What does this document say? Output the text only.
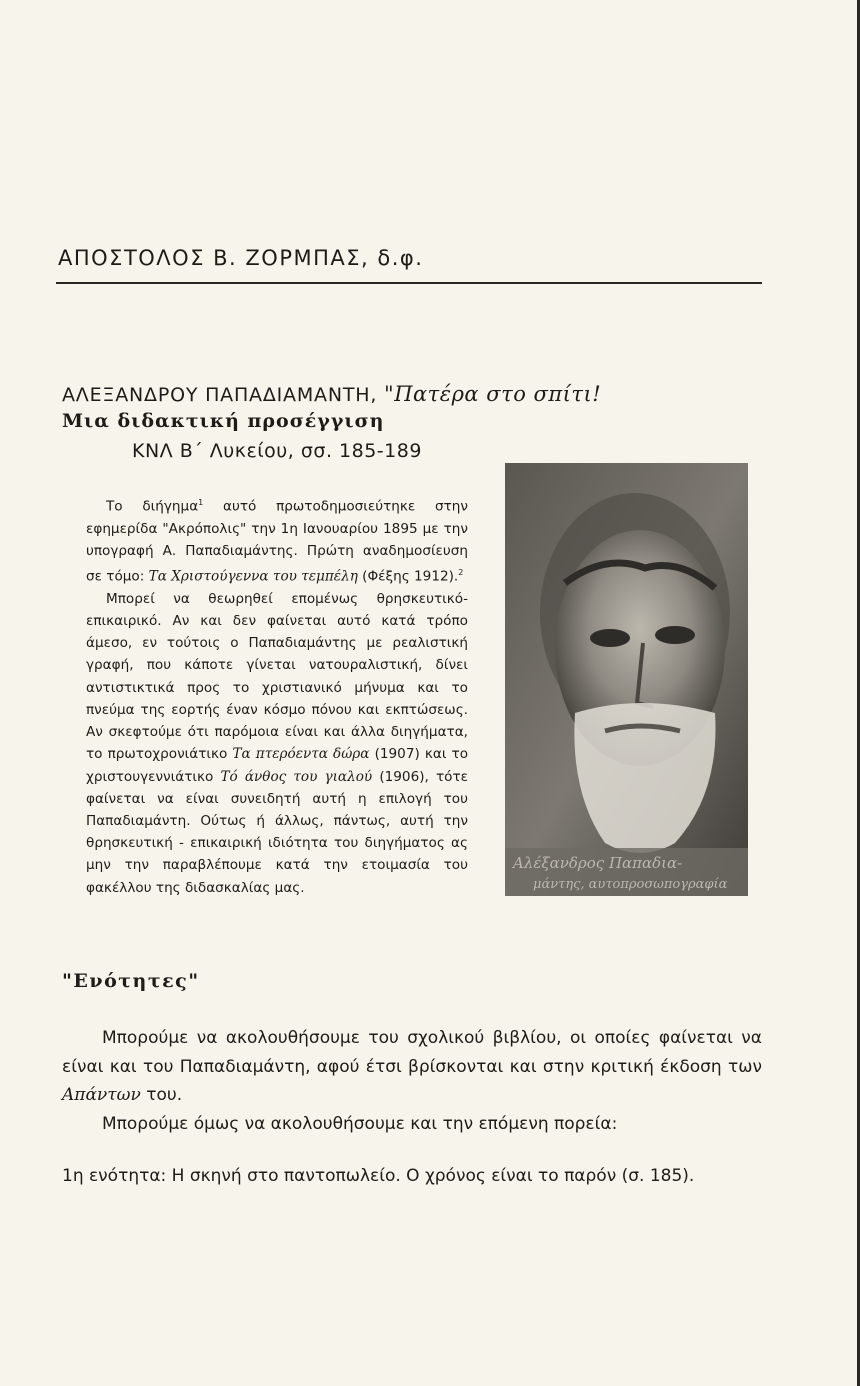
ΑΠΟΣΤΟΛΟΣ Β. ΖΟΡΜΠΑΣ, δ.φ.
ΑΛΕΞΑΝΔΡΟΥ ΠΑΠΑΔΙΑΜΑΝΤΗ, "Πατέρα στο σπίτι!
Μια διδακτική προσέγγιση
ΚΝΛ Β΄ Λυκείου, σσ. 185-189

Το διήγημα$^1$ αυτό πρωτοδημοσιεύτηκε στην εφημερίδα "Ακρόπολις" την 1η Ιανουαρίου 1895 με την υπογραφή Α. Παπαδιαμάντης. Πρώτη αναδημοσίευση σε τόμο: Τα Χριστούγεννα του τεμπέλη (Φέξης 1912).$^2$

Μπορεί να θεωρηθεί επομένως θρησκευτικό-επικαιρικό. Αν και δεν φαίνεται αυτό κατά τρόπο άμεσο, εν τούτοις ο Παπαδιαμάντης με ρεαλιστική γραφή, που κάποτε γίνεται νατουραλιστική, δίνει αντιστικτικά προς το χριστιανικό μήνυμα και το πνεύμα της εορτής έναν κόσμο πόνου και εκπτώσεως. Αν σκεφτούμε ότι παρόμοια είναι και άλλα διηγήματα, το πρωτοχρονιάτικο Τα πτερόεντα δώρα (1907) και το χριστουγεννιάτικο Τό άνθος του γιαλού (1906), τότε φαίνεται να είναι συνειδητή αυτή η επιλογή του Παπαδιαμάντη. Ούτως ή άλλως, πάντως, αυτή την θρησκευτική - επικαιρική ιδιότητα του διηγήματος ας μην την παραβλέπουμε κατά την ετοιμασία του φακέλλου της διδασκαλίας μας.

Αλέξανδρος Παπαδια-
μάντης, αυτοπροσωπογραφία
"Ενότητες"

Μπορούμε να ακολουθήσουμε του σχολικού βιβλίου, οι οποίες φαίνεται να είναι και του Παπαδιαμάντη, αφού έτσι βρίσκονται και στην κριτική έκδοση των Απάντων του.

Μπορούμε όμως να ακολουθήσουμε και την επόμενη πορεία:

1η ενότητα: Η σκηνή στο παντοπωλείο. Ο χρόνος είναι το παρόν (σ. 185).
